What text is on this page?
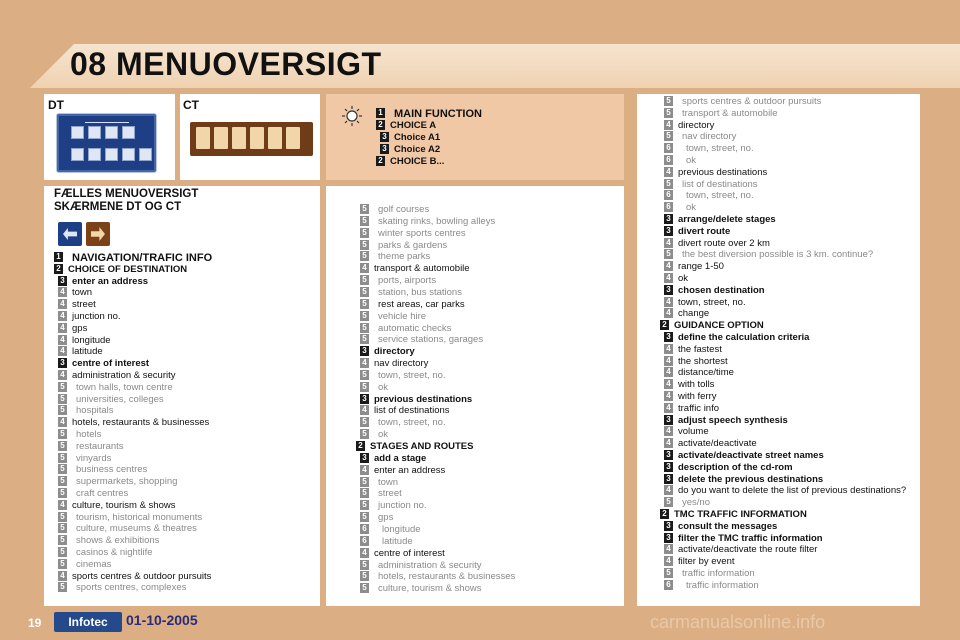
08 MENUOVERSIGT
DT	CT
1 MAIN FUNCTION
2 CHOICE A
3 Choice A1
3 Choice A2
2 CHOICE B...
FÆLLES MENUOVERSIGT
SKÆRMENE DT OG CT
1 NAVIGATION/TRAFIC INFO
2 CHOICE OF DESTINATION
3 enter an address
4 town
4 street
4 junction no.
4 gps
4 longitude
4 latitude
3 centre of interest
4 administration & security
5 town halls, town centre
5 universities, colleges
5 hospitals
4 hotels, restaurants & businesses
5 hotels
5 restaurants
5 vinyards
5 business centres
5 supermarkets, shopping
5 craft centres
4 culture, tourism & shows
5 tourism, historical monuments
5 culture, museums & theatres
5 shows & exhibitions
5 casinos & nightlife
5 cinemas
4 sports centres & outdoor pursuits
5 sports centres, complexes
5 golf courses
5 skating rinks, bowling alleys
5 winter sports centres
5 parks & gardens
5 theme parks
4 transport & automobile
5 ports, airports
5 station, bus stations
5 rest areas, car parks
5 vehicle hire
5 automatic checks
5 service stations, garages
3 directory
4 nav directory
5 town, street, no.
5 ok
3 previous destinations
4 list of destinations
5 town, street, no.
5 ok
2 STAGES AND ROUTES
3 add a stage
4 enter an address
5 town
5 street
5 junction no.
5 gps
6 longitude
6 latitude
4 centre of interest
5 administration & security
5 hotels, restaurants & businesses
5 culture, tourism & shows
5 sports centres & outdoor pursuits
5 transport & automobile
4 directory
5 nav directory
6 town, street, no.
6 ok
4 previous destinations
5 list of destinations
6 town, street, no.
6 ok
3 arrange/delete stages
3 divert route
4 divert route over 2 km
5 the best diversion possible is 3 km. continue?
4 range 1-50
4 ok
3 chosen destination
4 town, street, no.
4 change
2 GUIDANCE OPTION
3 define the calculation criteria
4 the fastest
4 the shortest
4 distance/time
4 with tolls
4 with ferry
4 traffic info
3 adjust speech synthesis
4 volume
4 activate/deactivate
3 activate/deactivate street names
3 description of the cd-rom
3 delete the previous destinations
4 do you want to delete the list of previous destinations?
5 yes/no
2 TMC TRAFFIC INFORMATION
3 consult the messages
3 filter the TMC traffic information
4 activate/deactivate the route filter
4 filter by event
5 traffic information
6 traffic information
19	Infotec	01-10-2005	carmanualsonline.info
